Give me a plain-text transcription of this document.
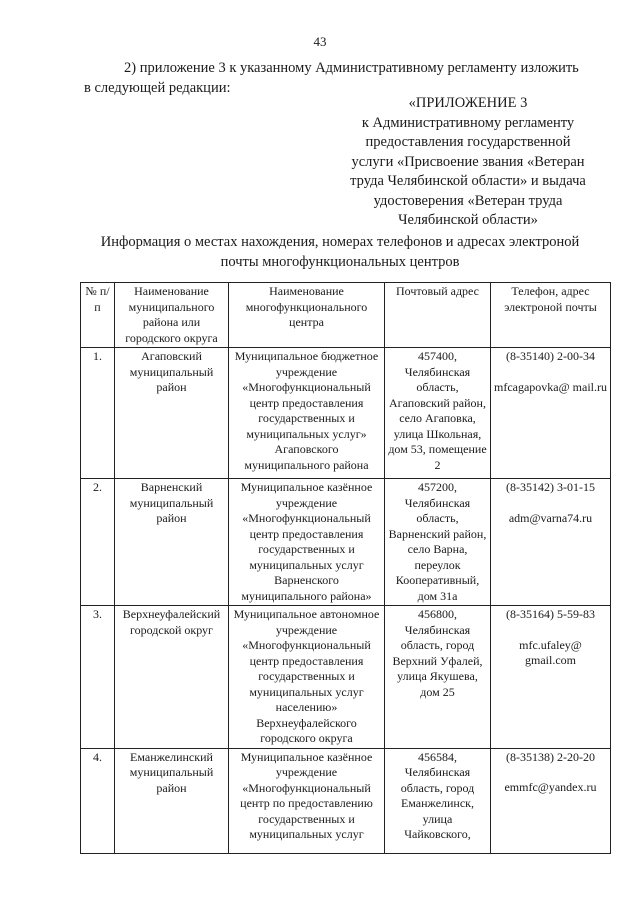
43
2) приложение 3 к указанному Административному регламенту изложить
в следующей редакции:
«ПРИЛОЖЕНИЕ 3
к Административному регламенту
предоставления государственной
услуги «Присвоение звания «Ветеран
труда Челябинской области» и выдача
удостоверения «Ветеран труда
Челябинской области»
Информация о местах нахождения, номерах телефонов и адресах электроной
почты многофункциональных центров
№ п/п	Наименование муниципального района или городского округа	Наименование многофункционального центра	Почтовый адрес	Телефон, адрес электроной почты
1.	Агаповский муниципальный район	Муниципальное бюджетное учреждение «Многофункциональный центр предоставления государственных и муниципальных услуг» Агаповского муниципального района	457400, Челябинская область, Агаповский район, село Агаповка, улица Школьная, дом 53, помещение 2	(8-35140) 2-00-34
mfcagapovka@ mail.ru
2.	Варненский муниципальный район	Муниципальное казённое учреждение «Многофункциональный центр предоставления государственных и муниципальных услуг Варненского муниципального района»	457200, Челябинская область, Варненский район, село Варна, переулок Кооперативный, дом 31а	(8-35142) 3-01-15
adm@varna74.ru
3.	Верхнеуфалейский городской округ	Муниципальное автономное учреждение «Многофункциональный центр предоставления государственных и муниципальных услуг населению» Верхнеуфалейского городского округа	456800, Челябинская область, город Верхний Уфалей, улица Якушева, дом 25	(8-35164) 5-59-83
mfc.ufaley@ gmail.com
4.	Еманжелинский муниципальный район	Муниципальное казённое учреждение «Многофункциональный центр по предоставлению государственных и муниципальных услуг	456584, Челябинская область, город Еманжелинск, улица Чайковского,	(8-35138) 2-20-20
emmfc@yandex.ru
